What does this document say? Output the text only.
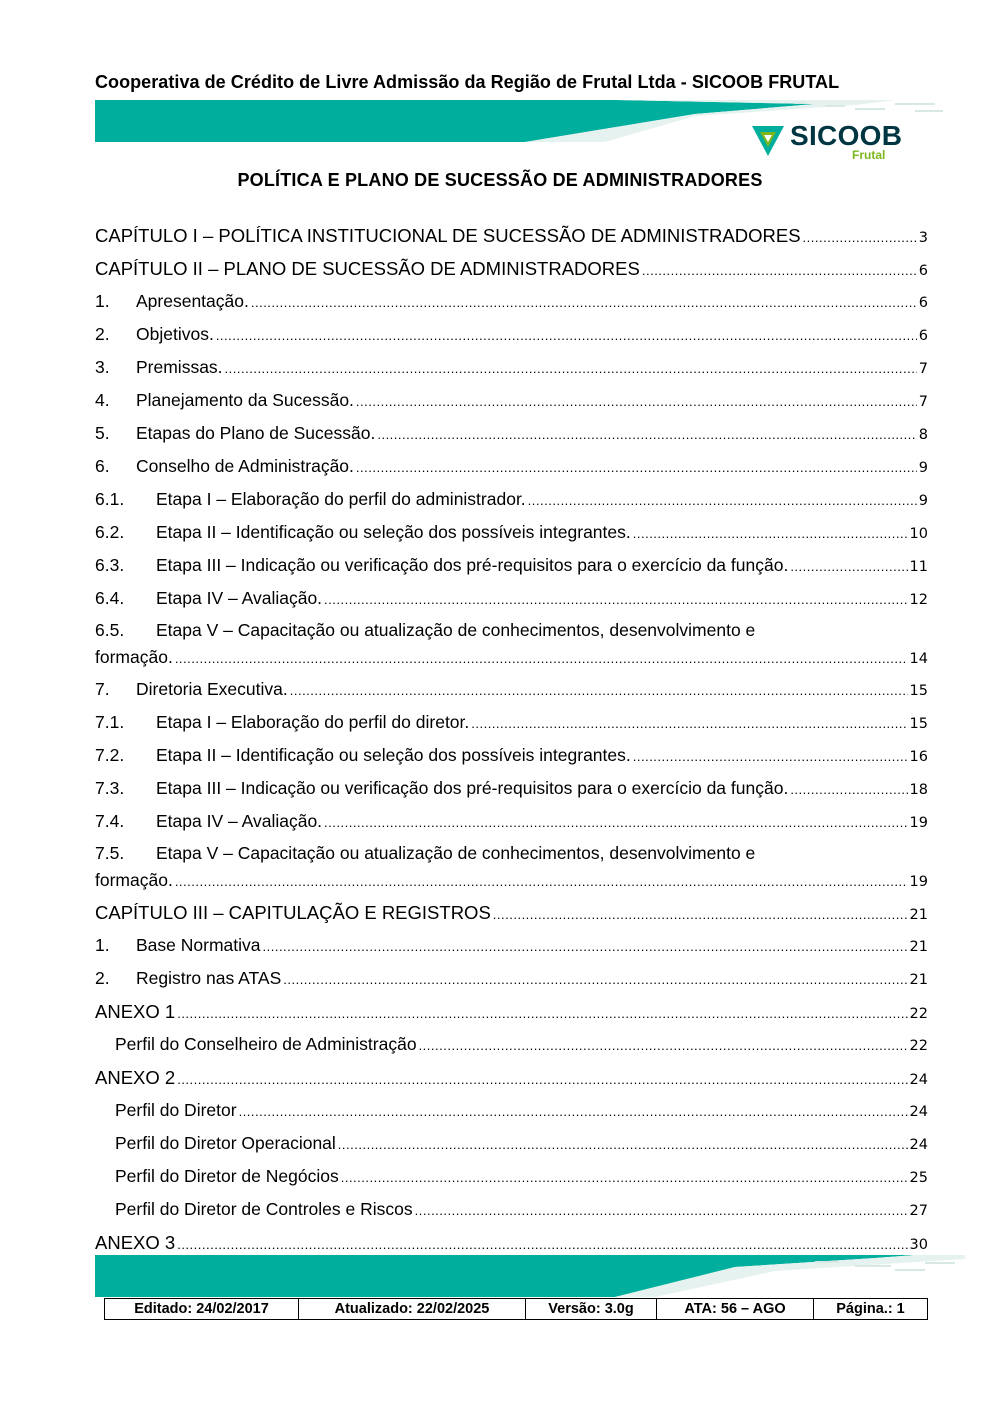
Cooperativa de Crédito de Livre Admissão da Região de Frutal Ltda - SICOOB FRUTAL
SICOOB
Frutal
POLÍTICA E PLANO DE SUCESSÃO DE ADMINISTRADORES
CAPÍTULO I – POLÍTICA INSTITUCIONAL DE SUCESSÃO DE ADMINISTRADORES .....	3
CAPÍTULO II – PLANO DE SUCESSÃO DE ADMINISTRADORES .....	6
1.	Apresentação. .....	6
2.	Objetivos. .....	6
3.	Premissas. .....	7
4.	Planejamento da Sucessão. .....	7
5.	Etapas do Plano de Sucessão. .....	8
6.	Conselho de Administração. .....	9
6.1.	Etapa I – Elaboração do perfil do administrador. .....	9
6.2.	Etapa II – Identificação ou seleção dos possíveis integrantes. .....	10
6.3.	Etapa III – Indicação ou verificação dos pré-requisitos para o exercício da função. .....	11
6.4.	Etapa IV – Avaliação. .....	12
6.5.	Etapa V – Capacitação ou atualização de conhecimentos, desenvolvimento e
formação. .....	14
7.	Diretoria Executiva. .....	15
7.1.	Etapa I – Elaboração do perfil do diretor. .....	15
7.2.	Etapa II – Identificação ou seleção dos possíveis integrantes. .....	16
7.3.	Etapa III – Indicação ou verificação dos pré-requisitos para o exercício da função. .....	18
7.4.	Etapa IV – Avaliação. .....	19
7.5.	Etapa V – Capacitação ou atualização de conhecimentos, desenvolvimento e
formação. .....	19
CAPÍTULO III – CAPITULAÇÃO E REGISTROS .....	21
1.	Base Normativa .....	21
2.	Registro nas ATAS .....	21
ANEXO 1 .....	22
Perfil do Conselheiro de Administração .....	22
ANEXO 2 .....	24
Perfil do Diretor .....	24
Perfil do Diretor Operacional .....	24
Perfil do Diretor de Negócios .....	25
Perfil do Diretor de Controles e Riscos .....	27
ANEXO 3 .....	30
Editado: 24/02/2017	Atualizado: 22/02/2025	Versão: 3.0g	ATA: 56 – AGO	Página.: 1
